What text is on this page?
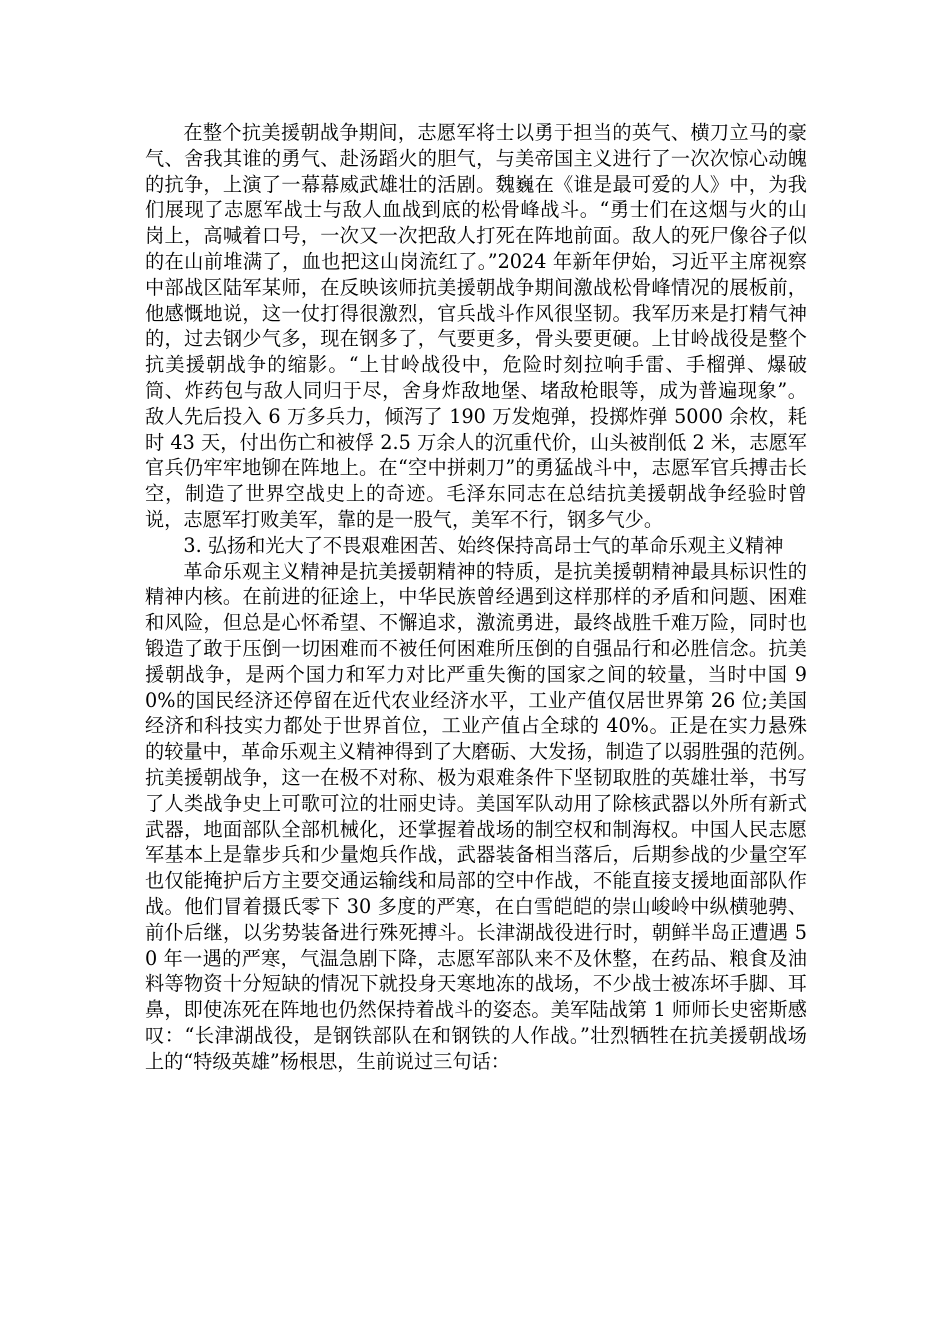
在整个抗美援朝战争期间，志愿军将士以勇于担当的英气、横刀立马的豪气、舍我其谁的勇气、赴汤蹈火的胆气，与美帝国主义进行了一次次惊心动魄的抗争，上演了一幕幕威武雄壮的活剧。魏巍在《谁是最可爱的人》中，为我们展现了志愿军战士与敌人血战到底的松骨峰战斗。“勇士们在这烟与火的山岗上，高喊着口号，一次又一次把敌人打死在阵地前面。敌人的死尸像谷子似的在山前堆满了，血也把这山岗流红了。”2024 年新年伊始，习近平主席视察中部战区陆军某师，在反映该师抗美援朝战争期间激战松骨峰情况的展板前，他感慨地说，这一仗打得很激烈，官兵战斗作风很坚韧。我军历来是打精气神的，过去钢少气多，现在钢多了，气要更多，骨头要更硬。上甘岭战役是整个抗美援朝战争的缩影。“上甘岭战役中，危险时刻拉响手雷、手榴弹、爆破筒、炸药包与敌人同归于尽，舍身炸敌地堡、堵敌枪眼等，成为普遍现象”。敌人先后投入 6 万多兵力，倾泻了 190 万发炮弹，投掷炸弹 5000 余枚，耗时 43 天，付出伤亡和被俘 2.5 万余人的沉重代价，山头被削低 2 米，志愿军官兵仍牢牢地铆在阵地上。在“空中拼刺刀”的勇猛战斗中，志愿军官兵搏击长空，制造了世界空战史上的奇迹。毛泽东同志在总结抗美援朝战争经验时曾说，志愿军打败美军，靠的是一股气，美军不行，钢多气少。

3. 弘扬和光大了不畏艰难困苦、始终保持高昂士气的革命乐观主义精神

革命乐观主义精神是抗美援朝精神的特质，是抗美援朝精神最具标识性的精神内核。在前进的征途上，中华民族曾经遇到这样那样的矛盾和问题、困难和风险，但总是心怀希望、不懈追求，激流勇进，最终战胜千难万险，同时也锻造了敢于压倒一切困难而不被任何困难所压倒的自强品行和必胜信念。抗美援朝战争，是两个国力和军力对比严重失衡的国家之间的较量，当时中国 90%的国民经济还停留在近代农业经济水平，工业产值仅居世界第 26 位;美国经济和科技实力都处于世界首位，工业产值占全球的 40%。正是在实力悬殊的较量中，革命乐观主义精神得到了大磨砺、大发扬，制造了以弱胜强的范例。　　抗美援朝战争，这一在极不对称、极为艰难条件下坚韧取胜的英雄壮举，书写了人类战争史上可歌可泣的壮丽史诗。美国军队动用了除核武器以外所有新式武器，地面部队全部机械化，还掌握着战场的制空权和制海权。中国人民志愿军基本上是靠步兵和少量炮兵作战，武器装备相当落后，后期参战的少量空军也仅能掩护后方主要交通运输线和局部的空中作战，不能直接支援地面部队作战。他们冒着摄氏零下 30 多度的严寒，在白雪皑皑的崇山峻岭中纵横驰骋、前仆后继，以劣势装备进行殊死搏斗。长津湖战役进行时，朝鲜半岛正遭遇 50 年一遇的严寒，气温急剧下降，志愿军部队来不及休整，在药品、粮食及油料等物资十分短缺的情况下就投身天寒地冻的战场，不少战士被冻坏手脚、耳鼻，即使冻死在阵地也仍然保持着战斗的姿态。美军陆战第 1 师师长史密斯感叹：“长津湖战役，是钢铁部队在和钢铁的人作战。”壮烈牺牲在抗美援朝战场上的“特级英雄”杨根思，生前说过三句话：
